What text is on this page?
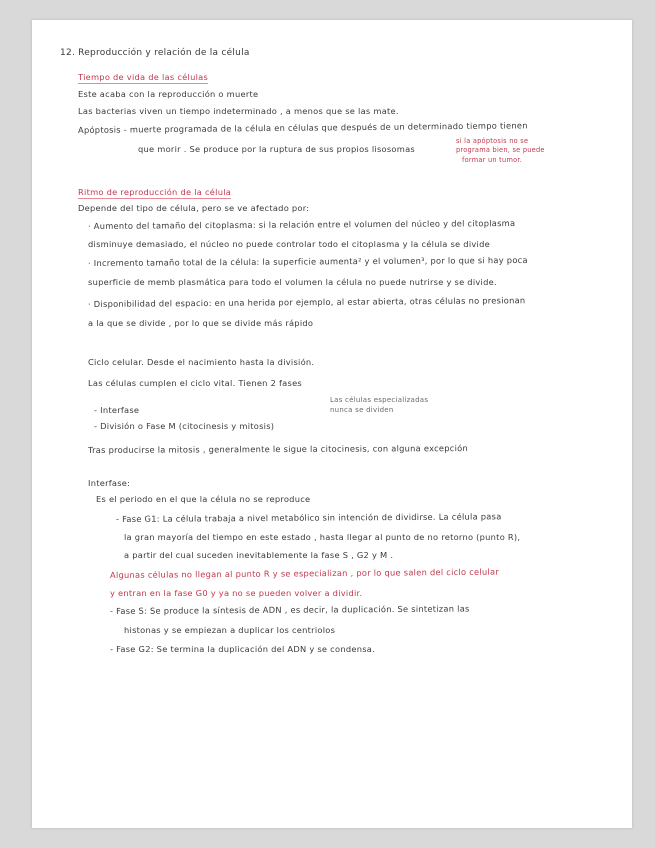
12. Reproducción y relación de la célula
Tiempo de vida de las células
Este acaba con la reproducción o muerte
Las bacterias viven un tiempo indeterminado , a menos que se las mate.
Apóptosis - muerte programada de la célula en células que después de un determinado tiempo tienen
que morir . Se produce por la ruptura de sus propios lisosomas
si la apóptosis no se
programa bien, se puede
formar un tumor.
Ritmo de reproducción de la célula
Depende del tipo de célula, pero se ve afectado por:
· Aumento del tamaño del citoplasma: si la relación entre el volumen del núcleo y del citoplasma
disminuye demasiado, el núcleo no puede controlar todo el citoplasma y la célula se divide
· Incremento tamaño total de la célula: la superficie aumenta² y el volumen³, por lo que si hay poca
superficie de memb plasmática para todo el volumen la célula no puede nutrirse y se divide.
· Disponibilidad del espacio: en una herida por ejemplo, al estar abierta, otras células no presionan
a la que se divide , por lo que se divide más rápido
Ciclo celular. Desde el nacimiento hasta la división.
Las células cumplen el ciclo vital. Tienen 2 fases
- Interfase
- División o Fase M (citocinesis y mitosis)
Las células especializadas
nunca se dividen
Tras producirse la mitosis , generalmente le sigue la citocinesis, con alguna excepción
Interfase:
Es el periodo en el que la célula no se reproduce
- Fase G1: La célula trabaja a nivel metabólico sin intención de dividirse. La célula pasa
la gran mayoría del tiempo en este estado , hasta llegar al punto de no retorno (punto R),
a partir del cual suceden inevitablemente la fase S , G2 y M .
Algunas células no llegan al punto R y se especializan , por lo que salen del ciclo celular
y entran en la fase G0 y ya no se pueden volver a dividir.
- Fase S: Se produce la síntesis de ADN , es decir, la duplicación. Se sintetizan las
histonas y se empiezan a duplicar los centriolos
- Fase G2: Se termina la duplicación del ADN y se condensa.
